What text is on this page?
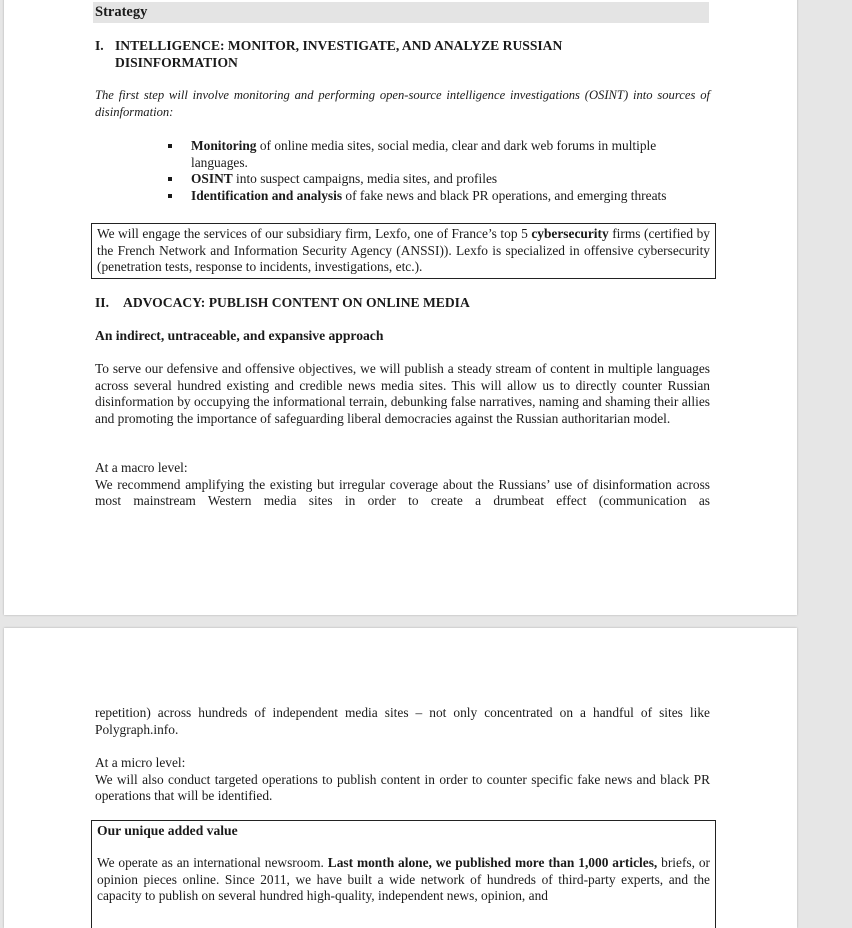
Strategy
I. INTELLIGENCE: MONITOR, INVESTIGATE, AND ANALYZE RUSSIAN
DISINFORMATION

The first step will involve monitoring and performing open-source intelligence investigations (OSINT) into sources of disinformation:

Monitoring of online media sites, social media, clear and dark web forums in multiple languages.
OSINT into suspect campaigns, media sites, and profiles
Identification and analysis of fake news and black PR operations, and emerging threats

We will engage the services of our subsidiary firm, Lexfo, one of France’s top 5 cybersecurity firms (certified by the French Network and Information Security Agency (ANSSI)). Lexfo is specialized in offensive cybersecurity (penetration tests, response to incidents, investigations, etc.).

II. ADVOCACY: PUBLISH CONTENT ON ONLINE MEDIA
An indirect, untraceable, and expansive approach

To serve our defensive and offensive objectives, we will publish a steady stream of content in multiple languages across several hundred existing and credible news media sites. This will allow us to directly counter Russian disinformation by occupying the informational terrain, debunking false narratives, naming and shaming their allies and promoting the importance of safeguarding liberal democracies against the Russian authoritarian model.

At a macro level:

We recommend amplifying the existing but irregular coverage about the Russians’ use of disinformation across most mainstream Western media sites in order to create a drumbeat effect (communication as

repetition) across hundreds of independent media sites – not only concentrated on a handful of sites like Polygraph.info.

At a micro level:

We will also conduct targeted operations to publish content in order to counter specific fake news and black PR operations that will be identified.

Our unique added value

We operate as an international newsroom. Last month alone, we published more than 1,000 articles, briefs, or opinion pieces online. Since 2011, we have built a wide network of hundreds of third-party experts, and the capacity to publish on several hundred high-quality, independent news, opinion, and
